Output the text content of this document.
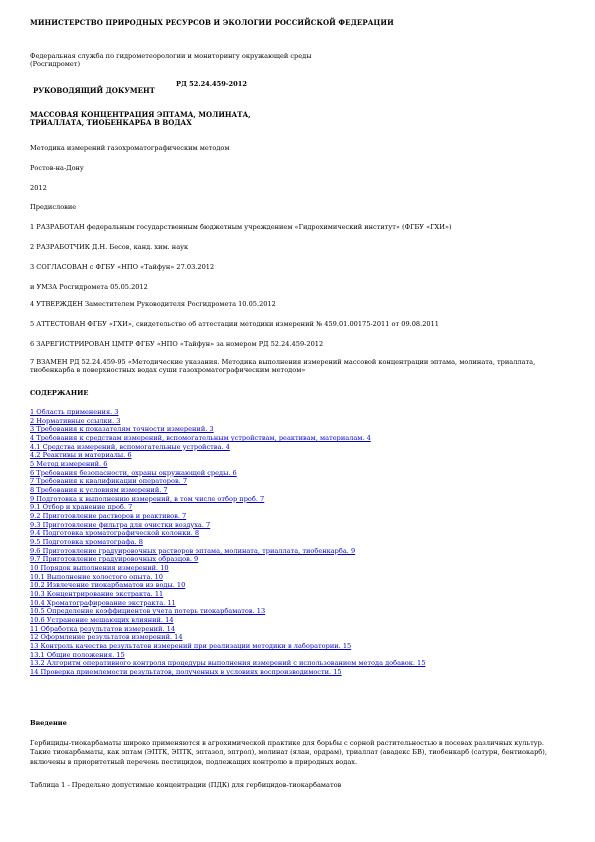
МИНИСТЕРСТВО ПРИРОДНЫХ РЕСУРСОВ И ЭКОЛОГИИ РОССИЙСКОЙ ФЕДЕРАЦИИ
Федеральная служба по гидрометеорологии и мониторингу окружающей среды (Росгидромет)
РУКОВОДЯЩИЙ ДОКУМЕНТ
РД 52.24.459-2012
МАССОВАЯ КОНЦЕНТРАЦИЯ ЭПТАМА, МОЛИНАТА, ТРИАЛЛАТА, ТИОБЕНКАРБА В ВОДАХ
Методика измерений газохроматографическим методом
Ростов-на-Дону
2012
Предисловие
1 РАЗРАБОТАН федеральным государственным бюджетным учреждением «Гидрохимический институт» (ФГБУ «ГХИ»)
2 РАЗРАБОТЧИК Д.Н. Бесов, канд. хим. наук
3 СОГЛАСОВАН с ФГБУ «НПО «Тайфун» 27.03.2012
и УМЗА Росгидромета 05.05.2012
4 УТВЕРЖДЕН Заместителем Руководителя Росгидромета 10.05.2012
5 АТТЕСТОВАН ФГБУ «ГХИ», свидетельство об аттестации методики измерений № 459.01.00175-2011 от 09.08.2011
6 ЗАРЕГИСТРИРОВАН ЦМТР ФГБУ «НПО «Тайфун» за номером РД 52.24.459-2012
7 ВЗАМЕН РД 52.24.459-95 «Методические указания. Методика выполнения измерений массовой концентрации эптама, молината, триаллата, тиобенкарба в поверхностных водах суши газохроматографическим методом»
СОДЕРЖАНИЕ
1 Область применения. 3
2 Нормативные ссылки. 3
3 Требования к показателям точности измерений. 3
4 Требования к средствам измерений, вспомогательным устройствам, реактивам, материалам. 4
4.1 Средства измерений, вспомогательные устройства. 4
4.2 Реактивы и материалы. 6
5 Метод измерений. 6
6 Требования безопасности, охраны окружающей среды. 6
7 Требования к квалификации операторов. 7
8 Требования к условиям измерений. 7
9 Подготовка к выполнению измерений, в том числе отбор проб. 7
9.1 Отбор и хранение проб. 7
9.2 Приготовление растворов и реактивов. 7
9.3 Приготовление фильтра для очистки воздуха. 7
9.4 Подготовка хроматографической колонки. 8
9.5 Подготовка хроматографа. 8
9.6 Приготовление градуировочных растворов эптама, молината, триаллата, тиобенкарба. 9
9.7 Приготовление градуировочных образцов. 9
10 Порядок выполнения измерений. 10
10.1 Выполнение холостого опыта. 10
10.2 Извлечение тиокарбаматов из воды. 10
10.3 Концентрирование экстракта. 11
10.4 Хроматографирование экстракта. 11
10.5 Определение коэффициентов учета потерь тиокарбаматов. 13
10.6 Устранение мешающих влияний. 14
11 Обработка результатов измерений. 14
12 Оформление результатов измерений. 14
13 Контроль качества результатов измерений при реализации методики в лаборатории. 15
13.1 Общие положения. 15
13.2 Алгоритм оперативного контроля процедуры выполнения измерений с использованием метода добавок. 15
14 Проверка приемлемости результатов, полученных в условиях воспроизводимости. 15
Введение
Гербициды-тиокарбаматы широко применяются в агрохимической практике для борьбы с сорной растительностью в посевах различных культур. Такие тиокарбаматы, как эптам (ЭПТК, ЭПТК, эптазол, эптрол), молинат (ялан, ордрам), триаллат (авадекс БВ), тиобенкарб (сатурн, бентиокарб), включены в приоритетный перечень пестицидов, подлежащих контролю в природных водах.
Таблица 1 - Предельно допустимые концентрации (ПДК) для гербицидов-тиокарбаматов
